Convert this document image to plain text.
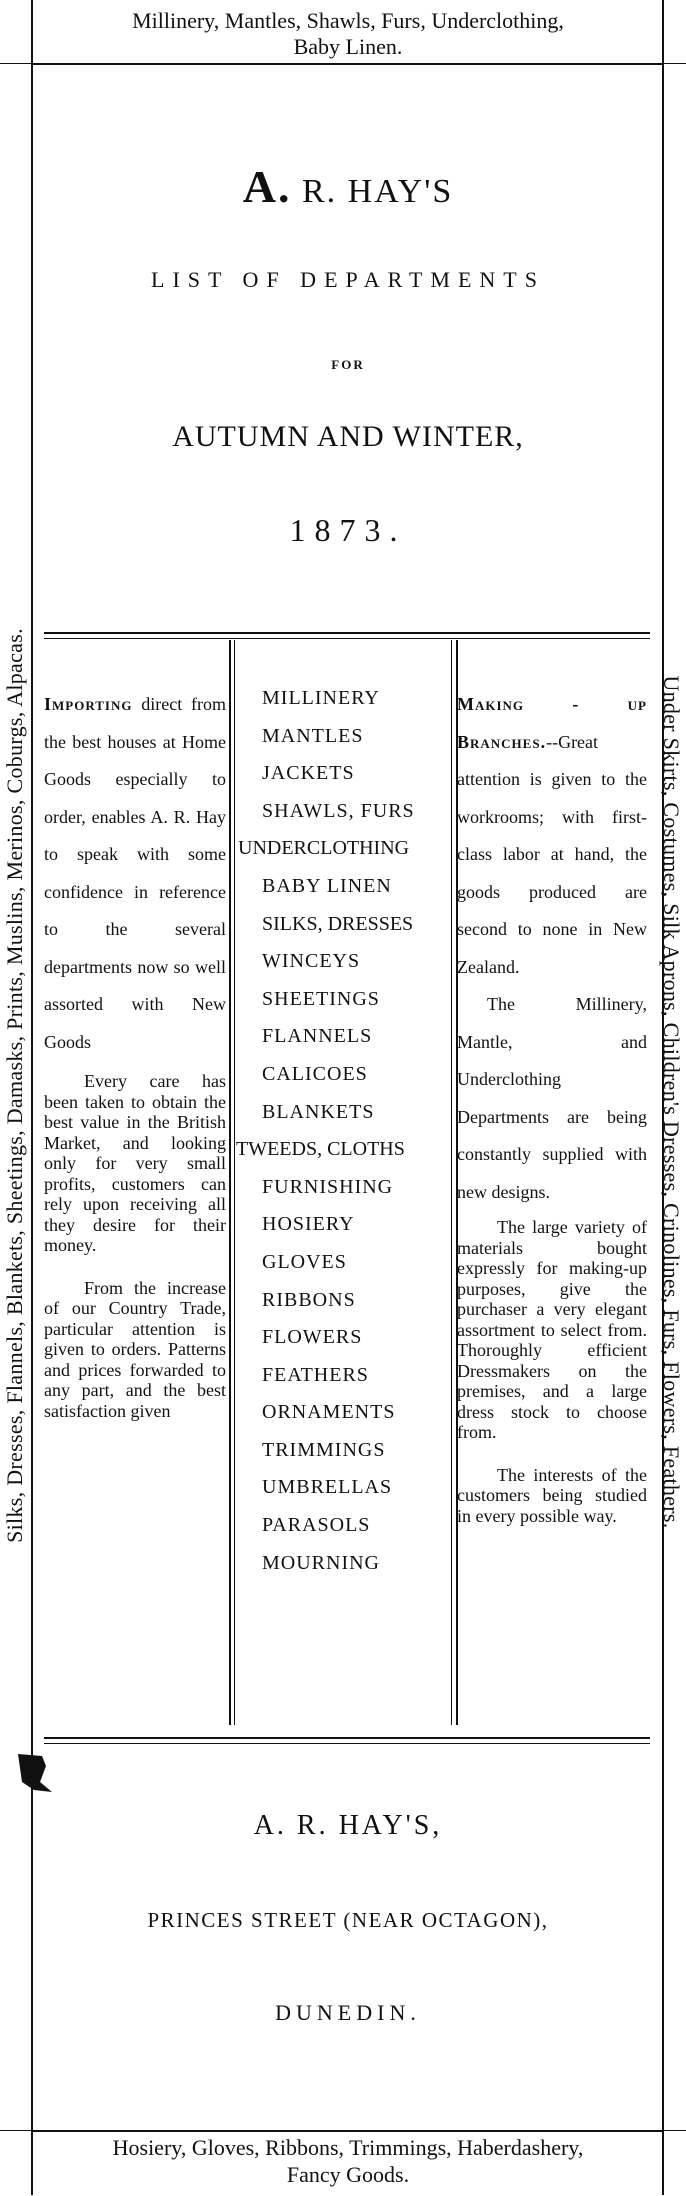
Millinery, Mantles, Shawls, Furs, Underclothing,
Baby Linen.
Silks, Dresses, Flannels, Blankets, Sheetings, Damasks, Prints, Muslins, Merinos, Coburgs, Alpacas.	Under Skirts, Costumes, Silk Aprons, Children's Dresses, Crinolines, Furs, Flowers, Feathers.
A. R. HAY'S
LIST OF DEPARTMENTS
FOR
AUTUMN AND WINTER,
1873.

Importing direct from the best houses at Home Goods especially to order, enables A. R. Hay to speak with some confidence in reference to the several departments now so well assorted with New Goods

Every care has been taken to obtain the best value in the British Market, and looking only for very small profits, customers can rely upon receiving all they desire for their money.

From the increase of our Country Trade, particular attention is given to orders. Patterns and prices forwarded to any part, and the best satisfaction given

MILLINERY
MANTLES
JACKETS
SHAWLS, FURS
UNDERCLOTHING
BABY LINEN
SILKS, DRESSES
WINCEYS
SHEETINGS
FLANNELS
CALICOES
BLANKETS
TWEEDS, CLOTHS
FURNISHING
HOSIERY
GLOVES
RIBBONS
FLOWERS
FEATHERS
ORNAMENTS
TRIMMINGS
UMBRELLAS
PARASOLS
MOURNING

Making - up Branches.--Great attention is given to the workrooms; with first-class labor at hand, the goods produced are second to none in New Zealand.

The Millinery, Mantle, and Underclothing Departments are being constantly supplied with new designs.

The large variety of materials bought expressly for making-up purposes, give the purchaser a very elegant assortment to select from. Thoroughly efficient Dressmakers on the premises, and a large dress stock to choose from.

The interests of the customers being studied in every possible way.

A. R. HAY'S,
PRINCES STREET (NEAR OCTAGON),
DUNEDIN.
Hosiery, Gloves, Ribbons, Trimmings, Haberdashery,
Fancy Goods.
